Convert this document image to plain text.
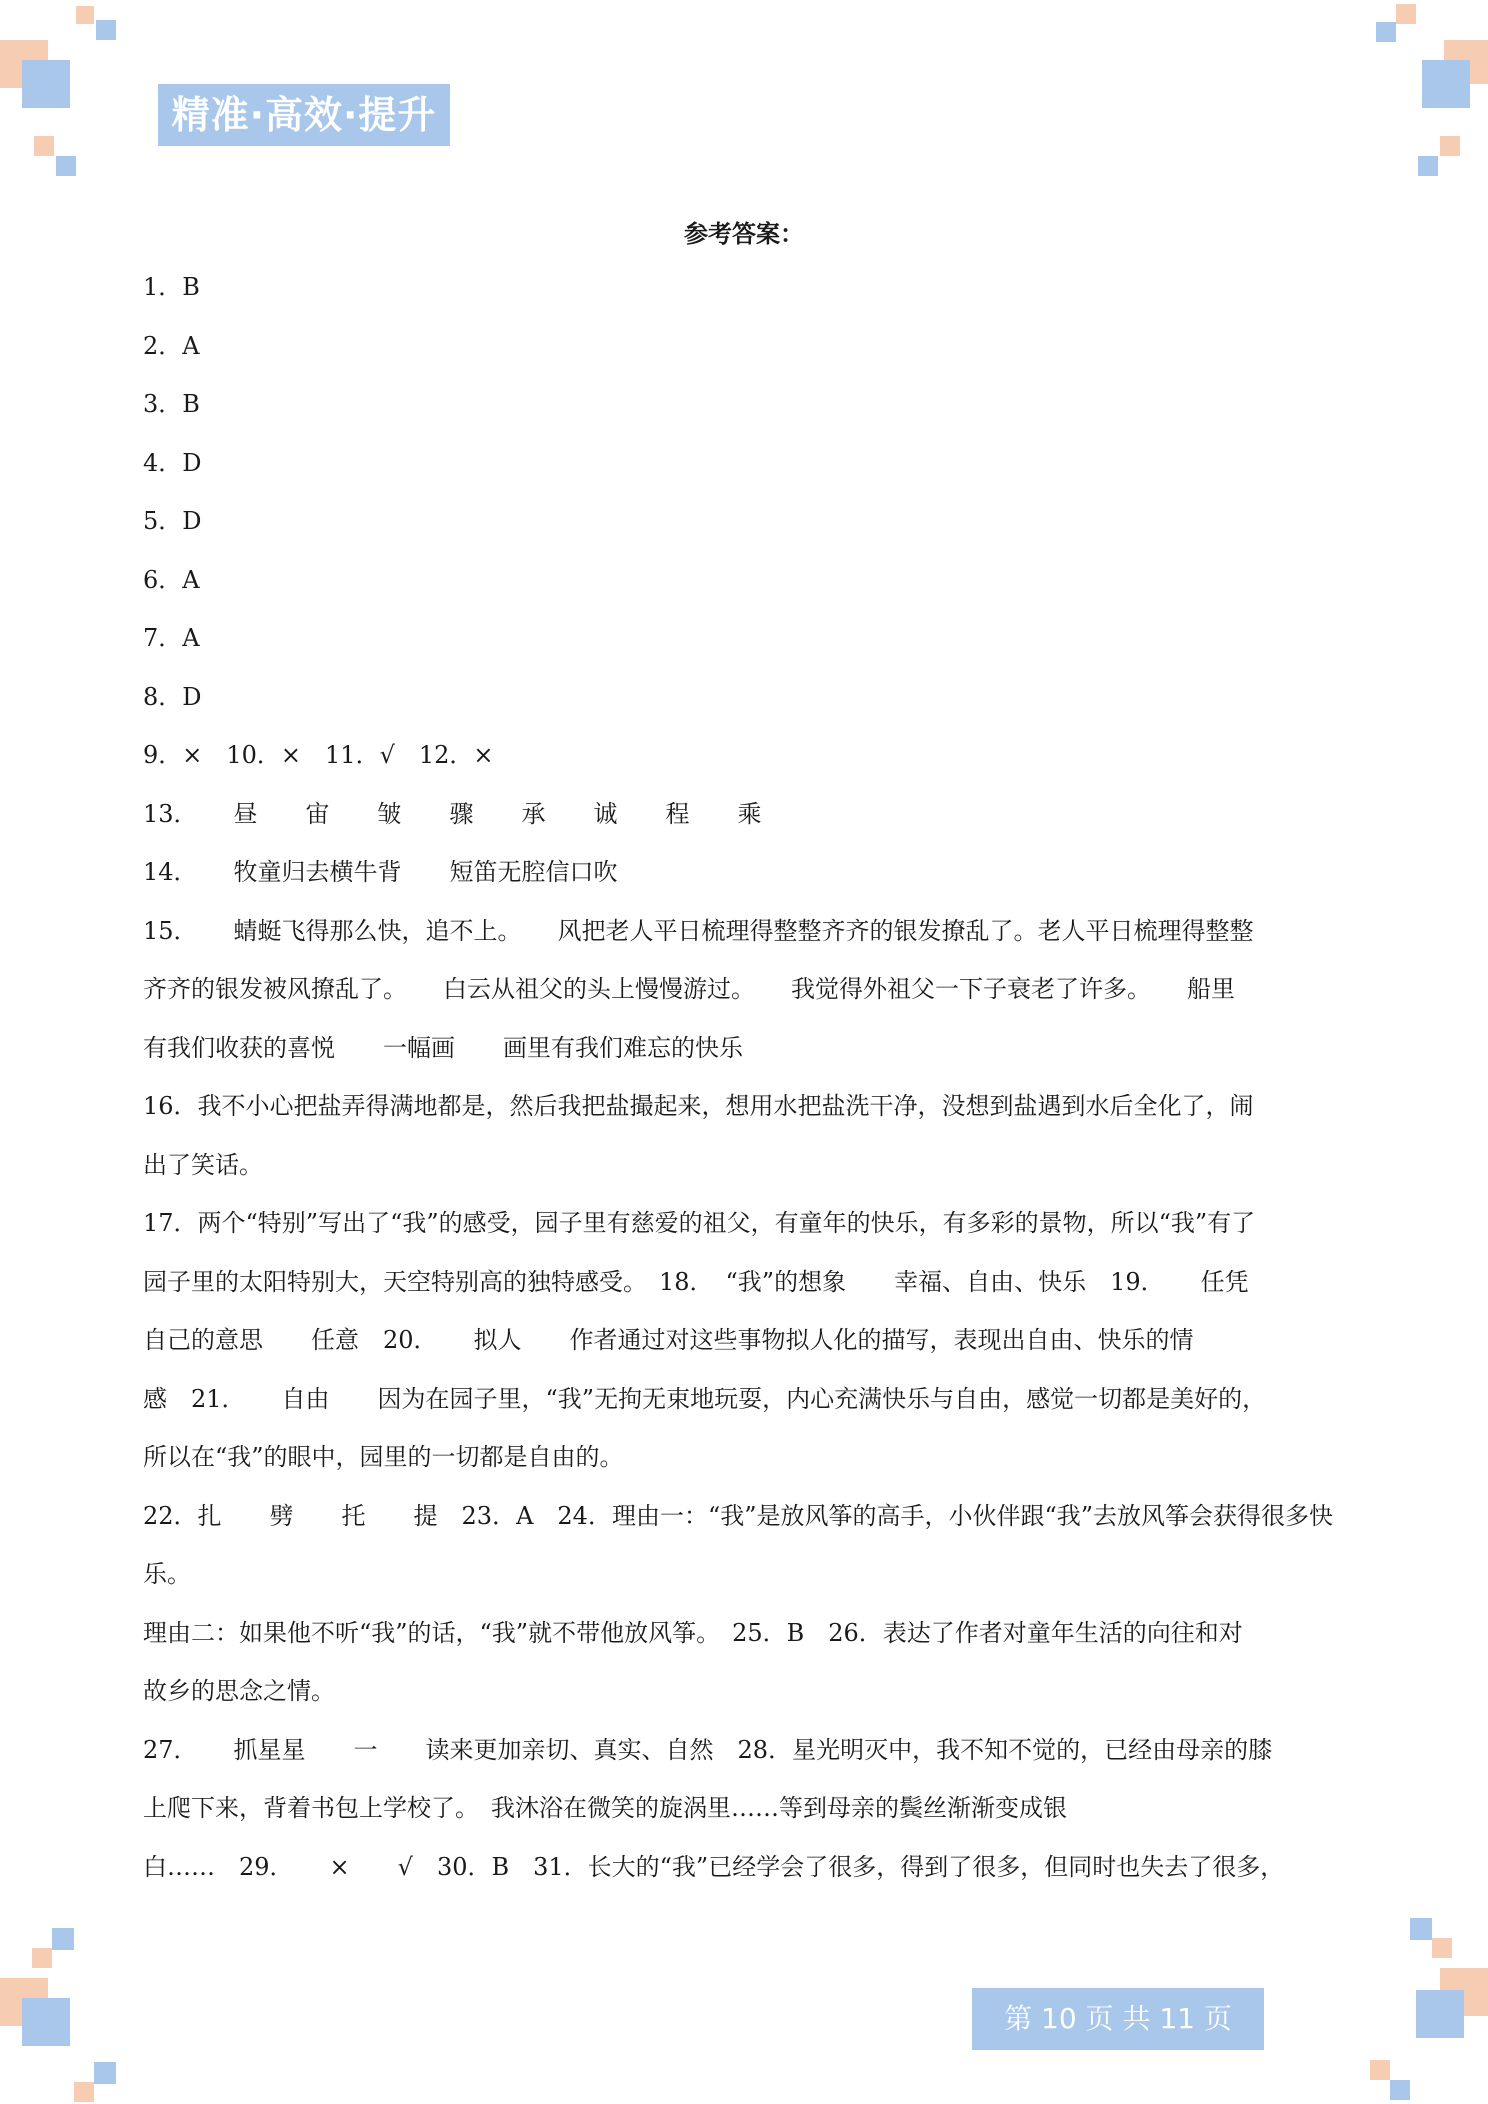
精准·高效·提升
参考答案：
1．B
2．A
3．B
4．D
5．D
6．A
7．A
8．D
9．×　10．×　11．√　12．×
13．　　昼　　宙　　皱　　骤　　承　　诚　　程　　乘
14．　　牧童归去横牛背　　短笛无腔信口吹
15．　　蜻蜓飞得那么快，追不上。　　风把老人平日梳理得整整齐齐的银发撩乱了。老人平日梳理得整整
齐齐的银发被风撩乱了。　　白云从祖父的头上慢慢游过。　　我觉得外祖父一下子衰老了许多。　　船里
有我们收获的喜悦　　一幅画　　画里有我们难忘的快乐
16．我不小心把盐弄得满地都是，然后我把盐撮起来，想用水把盐洗干净，没想到盐遇到水后全化了，闹
出了笑话。
17．两个“特别”写出了“我”的感受，园子里有慈爱的祖父，有童年的快乐，有多彩的景物，所以“我”有了
园子里的太阳特别大，天空特别高的独特感受。　18．　“我”的想象　　幸福、自由、快乐　19．　　任凭
自己的意思　　任意　20．　　拟人　　作者通过对这些事物拟人化的描写，表现出自由、快乐的情
感　21．　　自由　　因为在园子里，“我”无拘无束地玩耍，内心充满快乐与自由，感觉一切都是美好的，
所以在“我”的眼中，园里的一切都是自由的。
22．扎　　劈　　托　　提　23．A　24．理由一：“我”是放风筝的高手，小伙伴跟“我”去放风筝会获得很多快
乐。
理由二：如果他不听“我”的话，“我”就不带他放风筝。　25．B　26．表达了作者对童年生活的向往和对
故乡的思念之情。
27．　　抓星星　　一　　读来更加亲切、真实、自然　28．星光明灭中，我不知不觉的，已经由母亲的膝
上爬下来，背着书包上学校了。　我沐浴在微笑的旋涡里……等到母亲的鬓丝渐渐变成银
白……　29．　　×　　√　30．B　31．长大的“我”已经学会了很多，得到了很多，但同时也失去了很多，
第 10 页 共 11 页
